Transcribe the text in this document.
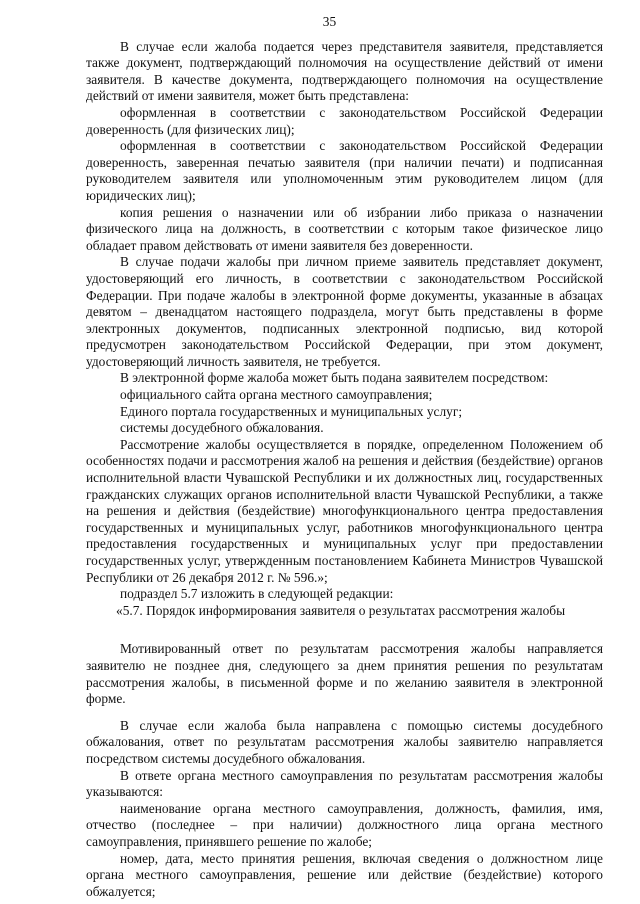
35

В случае если жалоба подается через представителя заявителя, представляется также документ, подтверждающий полномочия на осуществление действий от имени заявителя. В качестве документа, подтверждающего полномочия на осуществление действий от имени заявителя, может быть представлена:

оформленная в соответствии с законодательством Российской Федерации доверенность (для физических лиц);

оформленная в соответствии с законодательством Российской Федерации доверенность, заверенная печатью заявителя (при наличии печати) и подписанная руководителем заявителя или уполномоченным этим руководителем лицом (для юридических лиц);

копия решения о назначении или об избрании либо приказа о назначении физического лица на должность, в соответствии с которым такое физическое лицо обладает правом действовать от имени заявителя без доверенности.

В случае подачи жалобы при личном приеме заявитель представляет документ, удостоверяющий его личность, в соответствии с законодательством Российской Федерации. При подаче жалобы в электронной форме документы, указанные в абзацах девятом – двенадцатом настоящего подраздела, могут быть представлены в форме электронных документов, подписанных электронной подписью, вид которой предусмотрен законодательством Российской Федерации, при этом документ, удостоверяющий личность заявителя, не требуется.

В электронной форме жалоба может быть подана заявителем посредством:

официального сайта органа местного самоуправления;

Единого портала государственных и муниципальных услуг;

системы досудебного обжалования.

Рассмотрение жалобы осуществляется в порядке, определенном Положением об особенностях подачи и рассмотрения жалоб на решения и действия (бездействие) органов исполнительной власти Чувашской Республики и их должностных лиц, государственных гражданских служащих органов исполнительной власти Чувашской Республики, а также на решения и действия (бездействие) многофункционального центра предоставления государственных и муниципальных услуг, работников многофункционального центра предоставления государственных и муниципальных услуг при предоставлении государственных услуг, утвержденным постановлением Кабинета Министров Чувашской Республики от 26 декабря 2012 г. № 596.»;

подраздел 5.7 изложить в следующей редакции:

«5.7. Порядок информирования заявителя о результатах рассмотрения жалобы

Мотивированный ответ по результатам рассмотрения жалобы направляется заявителю не позднее дня, следующего за днем принятия решения по результатам рассмотрения жалобы, в письменной форме и по желанию заявителя в электронной форме.

В случае если жалоба была направлена с помощью системы досудебного обжалования, ответ по результатам рассмотрения жалобы заявителю направляется посредством системы досудебного обжалования.

В ответе органа местного самоуправления по результатам рассмотрения жалобы указываются:

наименование органа местного самоуправления, должность, фамилия, имя, отчество (последнее – при наличии) должностного лица органа местного самоуправления, принявшего решение по жалобе;

номер, дата, место принятия решения, включая сведения о должностном лице органа местного самоуправления, решение или действие (бездействие) которого обжалуется;
